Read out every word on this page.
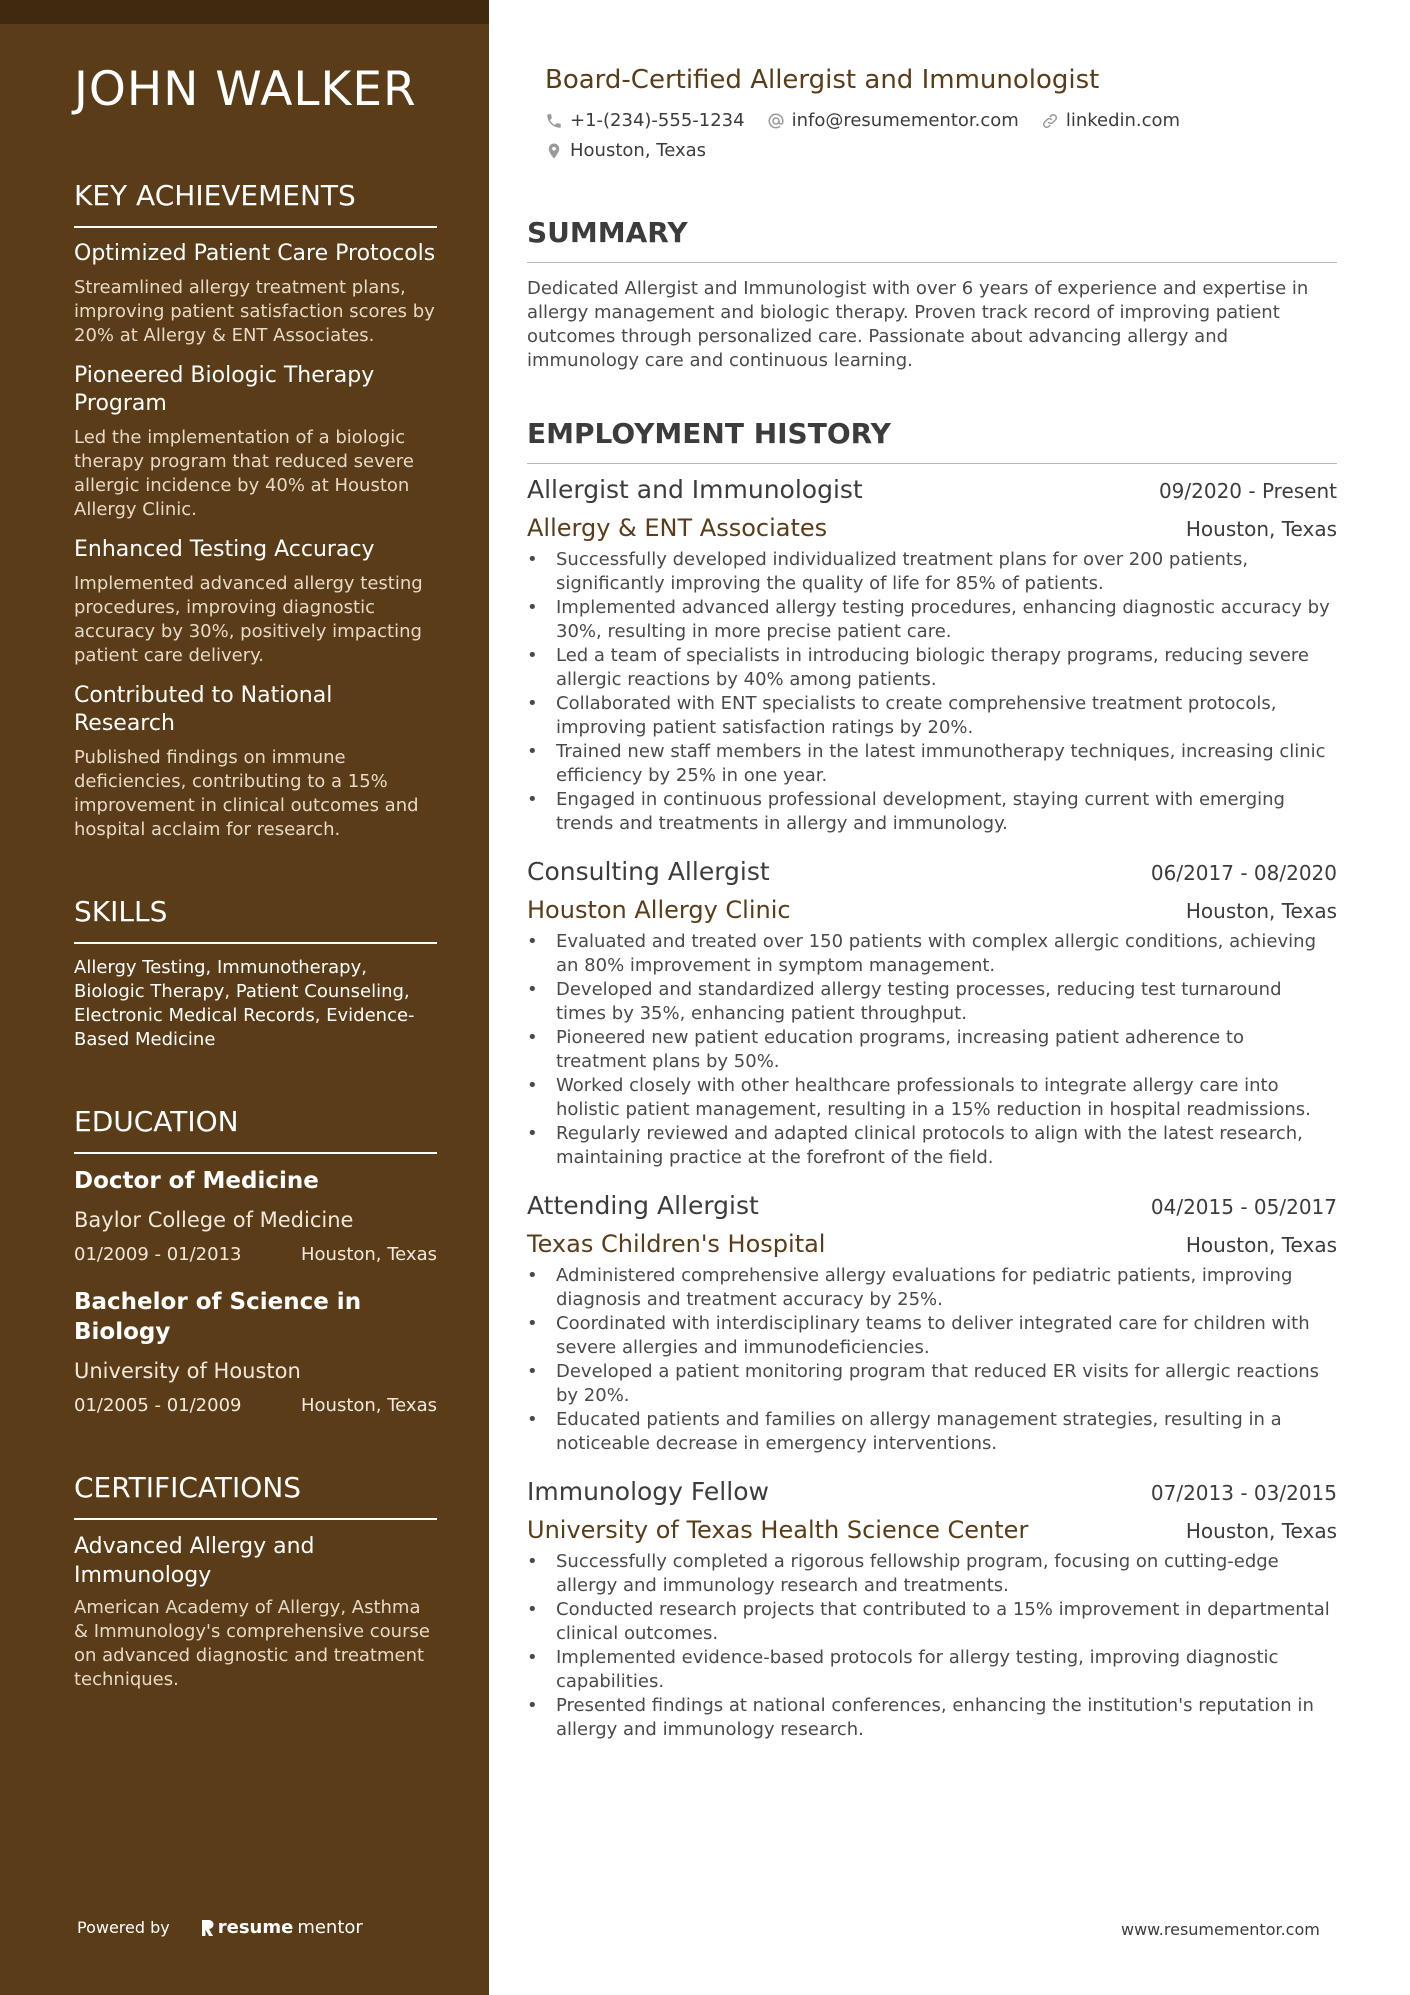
JOHN WALKER
KEY ACHIEVEMENTS
Optimized Patient Care Protocols
Streamlined allergy treatment plans, improving patient satisfaction scores by 20% at Allergy & ENT Associates.
Pioneered Biologic Therapy Program
Led the implementation of a biologic therapy program that reduced severe allergic incidence by 40% at Houston Allergy Clinic.
Enhanced Testing Accuracy
Implemented advanced allergy testing procedures, improving diagnostic accuracy by 30%, positively impacting patient care delivery.
Contributed to National Research
Published findings on immune deficiencies, contributing to a 15% improvement in clinical outcomes and hospital acclaim for research.
SKILLS
Allergy Testing, Immunotherapy, Biologic Therapy, Patient Counseling, Electronic Medical Records, Evidence-Based Medicine
EDUCATION
Doctor of Medicine
Baylor College of Medicine
01/2009 - 01/2013	Houston, Texas
Bachelor of Science in Biology
University of Houston
01/2005 - 01/2009	Houston, Texas
CERTIFICATIONS
Advanced Allergy and Immunology
American Academy of Allergy, Asthma & Immunology's comprehensive course on advanced diagnostic and treatment techniques.
Powered by	resume mentor
Board-Certified Allergist and Immunologist
+1-(234)-555-1234	info@resumementor.com	linkedin.com
Houston, Texas
SUMMARY

Dedicated Allergist and Immunologist with over 6 years of experience and expertise in allergy management and biologic therapy. Proven track record of improving patient outcomes through personalized care. Passionate about advancing allergy and immunology care and continuous learning.

EMPLOYMENT HISTORY
Allergist and Immunologist	09/2020 - Present
Allergy & ENT Associates	Houston, Texas
• Successfully developed individualized treatment plans for over 200 patients, significantly improving the quality of life for 85% of patients.
• Implemented advanced allergy testing procedures, enhancing diagnostic accuracy by 30%, resulting in more precise patient care.
• Led a team of specialists in introducing biologic therapy programs, reducing severe allergic reactions by 40% among patients.
• Collaborated with ENT specialists to create comprehensive treatment protocols, improving patient satisfaction ratings by 20%.
• Trained new staff members in the latest immunotherapy techniques, increasing clinic efficiency by 25% in one year.
• Engaged in continuous professional development, staying current with emerging trends and treatments in allergy and immunology.
Consulting Allergist	06/2017 - 08/2020
Houston Allergy Clinic	Houston, Texas
• Evaluated and treated over 150 patients with complex allergic conditions, achieving an 80% improvement in symptom management.
• Developed and standardized allergy testing processes, reducing test turnaround times by 35%, enhancing patient throughput.
• Pioneered new patient education programs, increasing patient adherence to treatment plans by 50%.
• Worked closely with other healthcare professionals to integrate allergy care into holistic patient management, resulting in a 15% reduction in hospital readmissions.
• Regularly reviewed and adapted clinical protocols to align with the latest research, maintaining practice at the forefront of the field.
Attending Allergist	04/2015 - 05/2017
Texas Children's Hospital	Houston, Texas
• Administered comprehensive allergy evaluations for pediatric patients, improving diagnosis and treatment accuracy by 25%.
• Coordinated with interdisciplinary teams to deliver integrated care for children with severe allergies and immunodeficiencies.
• Developed a patient monitoring program that reduced ER visits for allergic reactions by 20%.
• Educated patients and families on allergy management strategies, resulting in a noticeable decrease in emergency interventions.
Immunology Fellow	07/2013 - 03/2015
University of Texas Health Science Center	Houston, Texas
• Successfully completed a rigorous fellowship program, focusing on cutting-edge allergy and immunology research and treatments.
• Conducted research projects that contributed to a 15% improvement in departmental clinical outcomes.
• Implemented evidence-based protocols for allergy testing, improving diagnostic capabilities.
• Presented findings at national conferences, enhancing the institution's reputation in allergy and immunology research.
www.resumementor.com
